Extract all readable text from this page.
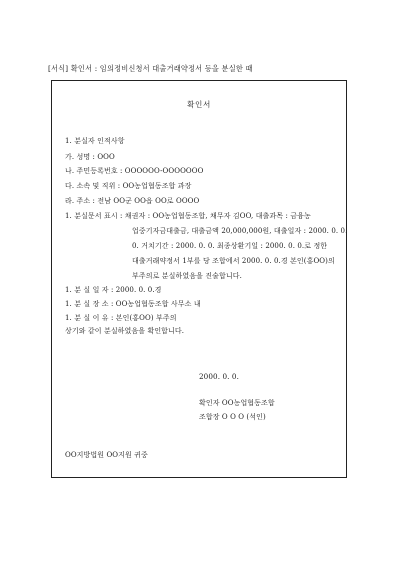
[서식] 확인서 : 임의정비신청서 대출거래약정서 등을 분실한 때
확인서
1. 분실자 인적사항
가. 성명 : OOO
나. 주민등록번호 : OOOOOO-OOOOOOO
다. 소속 및 직위 : OO농업협동조합 과장
라. 주소 : 전남 OO군 OO읍 OO로 OOOO
1. 분실문서 표시 : 채권자 : OO농업협동조합, 채무자 김OO, 대출과목 : 금융농
업중기자금대출금, 대출금액 20,000,000원, 대출일자 : 2000. 0. 0.
0. 거치기간 : 2000. 0. 0. 최종상환기일 : 2000. 0. 0.로 정한
대출거래약정서 1부를 당 조합에서 2000. 0. 0.경 본인(홍OO)의
부주의로 분실하였음을 진술합니다.
1. 분 실 일 자 : 2000. 0. 0.경
1. 분 실 장 소 : OO농업협동조합 사무소 내
1. 분 실 이 유 : 본인(홍OO) 부주의
상기와 같이 분실하였음을 확인합니다.
2000. 0. 0.
확인자 OO농업협동조합
조합장 O O O (석인)
OO지방법원 OO지원 귀중
